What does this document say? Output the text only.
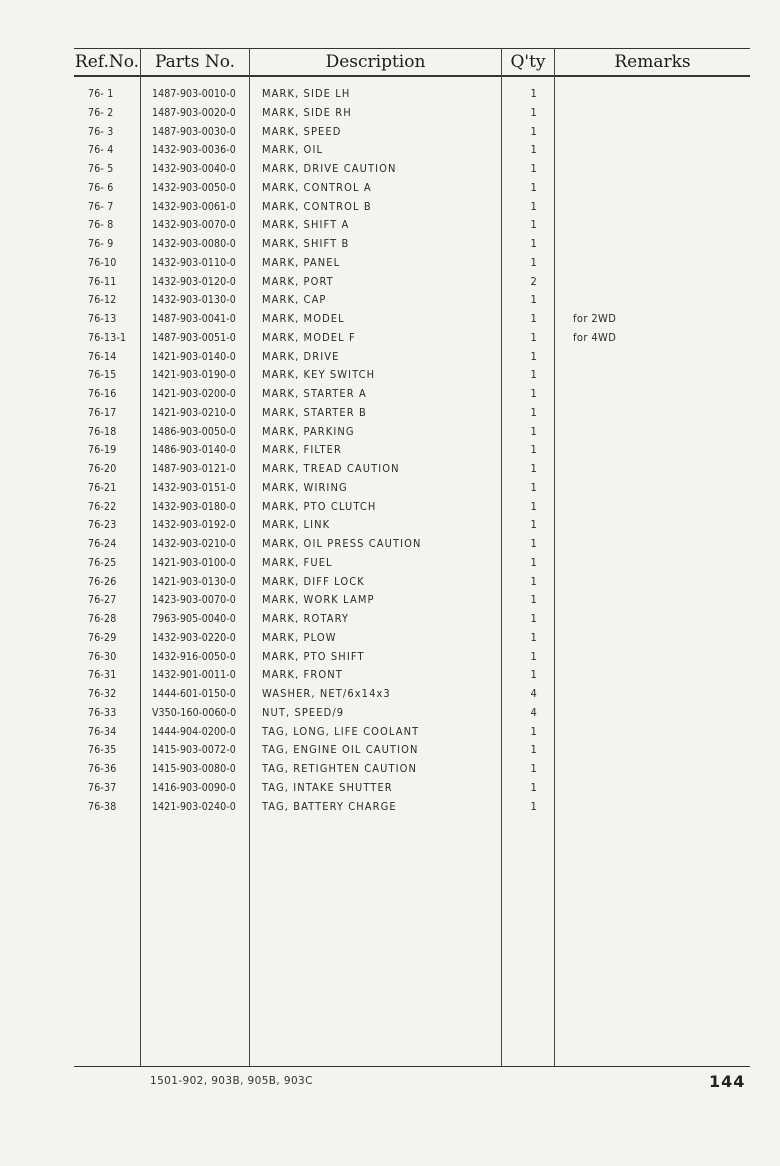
Ref.No. Parts No.	Description	Q'ty	Remarks
76- 1	1487-903-0010-0 MARK, SIDE LH	1
76- 2	1487-903-0020-0 MARK, SIDE RH	1
76- 3	1487-903-0030-0 MARK, SPEED	1
76- 4	1432-903-0036-0 MARK, OIL	1
76- 5	1432-903-0040-0 MARK, DRIVE CAUTION	1
76- 6	1432-903-0050-0 MARK, CONTROL A	1
76- 7	1432-903-0061-0 MARK, CONTROL B	1
76- 8	1432-903-0070-0 MARK, SHIFT A	1
76- 9	1432-903-0080-0 MARK, SHIFT B	1
76-10	1432-903-0110-0 MARK, PANEL	1
76-11	1432-903-0120-0 MARK, PORT	2
76-12	1432-903-0130-0 MARK, CAP	1
76-13	1487-903-0041-0 MARK, MODEL	1	for 2WD
76-13-1 1487-903-0051-0 MARK, MODEL F	1	for 4WD
76-14	1421-903-0140-0 MARK, DRIVE	1
76-15	1421-903-0190-0 MARK, KEY SWITCH	1
76-16	1421-903-0200-0 MARK, STARTER A	1
76-17	1421-903-0210-0 MARK, STARTER B	1
76-18	1486-903-0050-0 MARK, PARKING	1
76-19	1486-903-0140-0 MARK, FILTER	1
76-20	1487-903-0121-0 MARK, TREAD CAUTION	1
76-21	1432-903-0151-0 MARK, WIRING	1
76-22	1432-903-0180-0 MARK, PTO CLUTCH	1
76-23	1432-903-0192-0 MARK, LINK	1
76-24	1432-903-0210-0 MARK, OIL PRESS CAUTION	1
76-25	1421-903-0100-0 MARK, FUEL	1
76-26	1421-903-0130-0 MARK, DIFF LOCK	1
76-27	1423-903-0070-0 MARK, WORK LAMP	1
76-28	7963-905-0040-0 MARK, ROTARY	1
76-29	1432-903-0220-0 MARK, PLOW	1
76-30	1432-916-0050-0 MARK, PTO SHIFT	1
76-31	1432-901-0011-0 MARK, FRONT	1
76-32	1444-601-0150-0 WASHER, NET/6x14x3	4
76-33	V350-160-0060-0 NUT, SPEED/9	4
76-34	1444-904-0200-0 TAG, LONG, LIFE COOLANT	1
76-35	1415-903-0072-0 TAG, ENGINE OIL CAUTION	1
76-36	1415-903-0080-0 TAG, RETIGHTEN CAUTION	1
76-37	1416-903-0090-0 TAG, INTAKE SHUTTER	1
76-38	1421-903-0240-0 TAG, BATTERY CHARGE	1
1501-902, 903B, 905B, 903C	144
